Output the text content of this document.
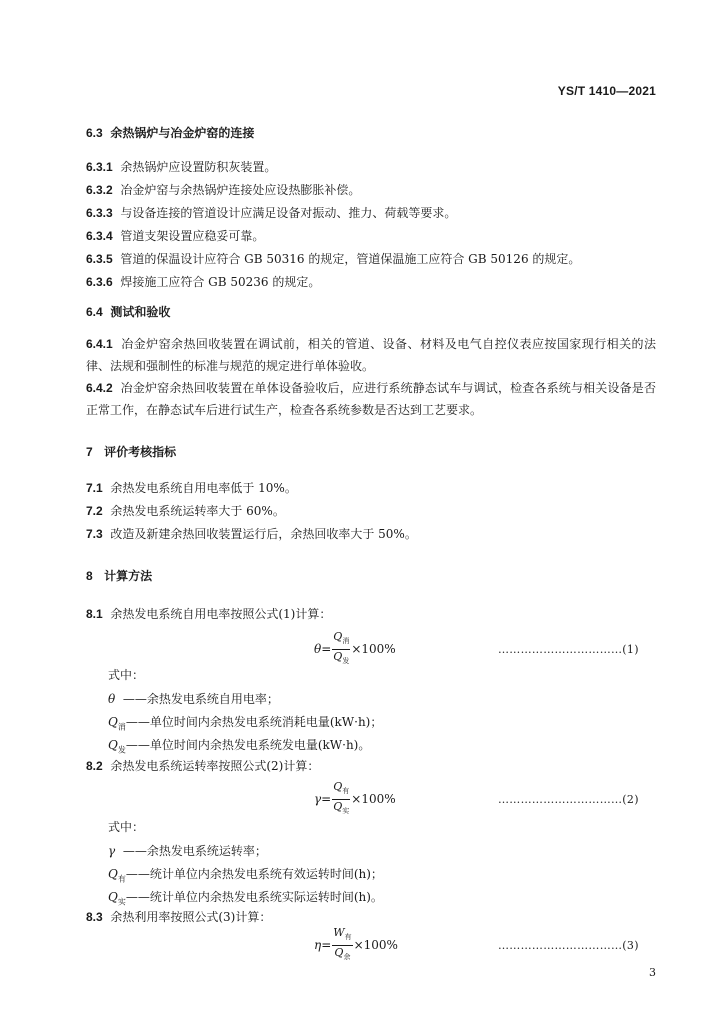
YS/T 1410—2021
6.3 余热锅炉与冶金炉窑的连接
6.3.1 余热锅炉应设置防积灰装置。
6.3.2 冶金炉窑与余热锅炉连接处应设热膨胀补偿。
6.3.3 与设备连接的管道设计应满足设备对振动、推力、荷载等要求。
6.3.4 管道支架设置应稳妥可靠。
6.3.5 管道的保温设计应符合 GB 50316 的规定，管道保温施工应符合 GB 50126 的规定。
6.3.6 焊接施工应符合 GB 50236 的规定。
6.4 测试和验收
6.4.1 冶金炉窑余热回收装置在调试前，相关的管道、设备、材料及电气自控仪表应按国家现行相关的法律、法规和强制性的标准与规范的规定进行单体验收。
6.4.2 冶金炉窑余热回收装置在单体设备验收后，应进行系统静态试车与调试，检查各系统与相关设备是否正常工作，在静态试车后进行试生产，检查各系统参数是否达到工艺要求。
7 评价考核指标
7.1 余热发电系统自用电率低于 10%。
7.2 余热发电系统运转率大于 60%。
7.3 改造及新建余热回收装置运行后，余热回收率大于 50%。
8 计算方法
8.1 余热发电系统自用电率按照公式(1)计算：
$\theta = \frac{Q_消}{Q_发} \times 100\%$	……………………………(1)
式中：
θ ——余热发电系统自用电率；
$Q_消——$单位时间内余热发电系统消耗电量(kW·h)；
$Q_发——$单位时间内余热发电系统发电量(kW·h)。
8.2 余热发电系统运转率按照公式(2)计算：
$\gamma = \frac{Q_有}{Q_实} \times 100\%$	……………………………(2)
式中：
γ ——余热发电系统运转率；
$Q_有——$统计单位内余热发电系统有效运转时间(h)；
$Q_实——$统计单位内余热发电系统实际运转时间(h)。
8.3 余热利用率按照公式(3)计算：
$\eta = \frac{W_有}{Q_余} \times 100\%$	……………………………(3)
3
